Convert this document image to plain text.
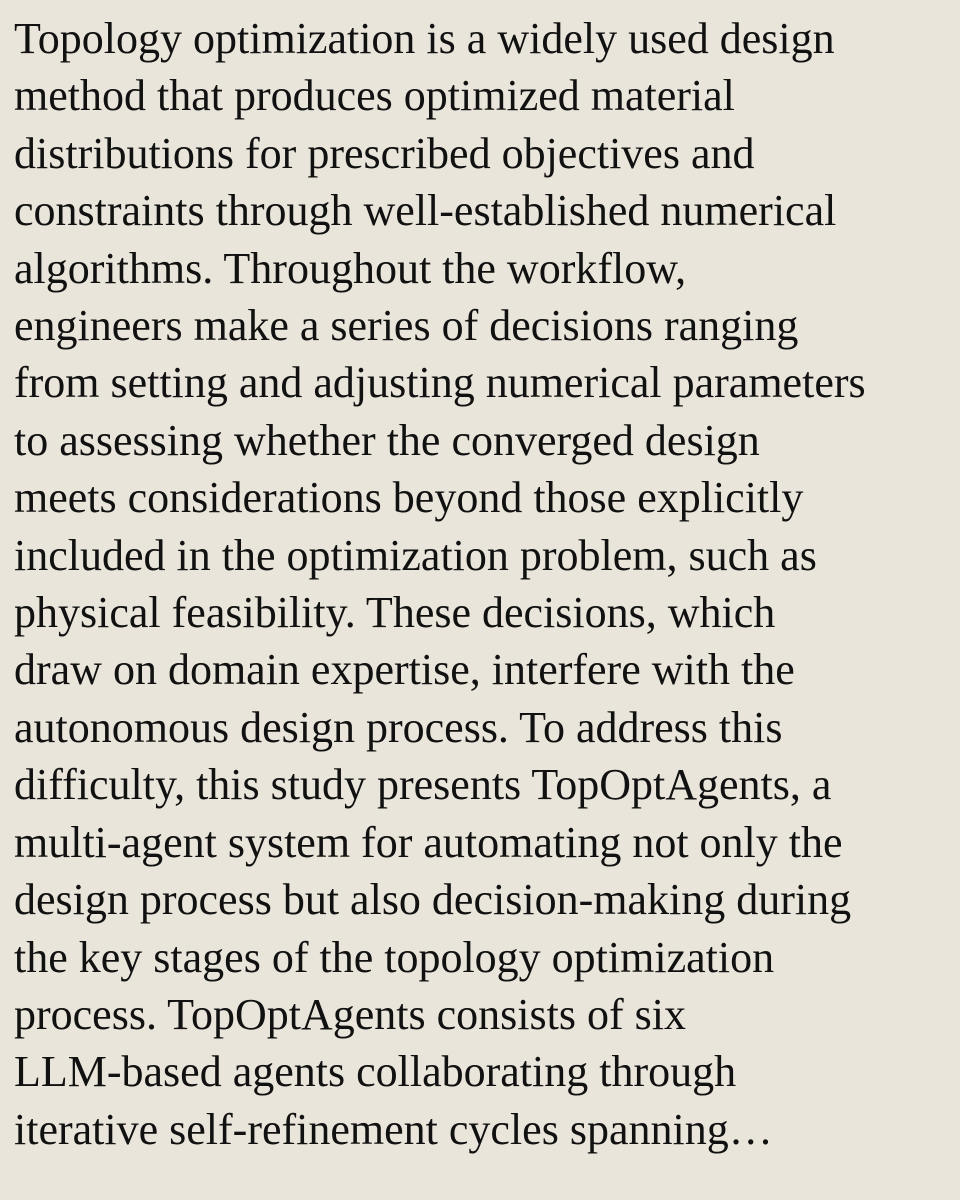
Topology optimization is a widely used design
method that produces optimized material
distributions for prescribed objectives and
constraints through well-established numerical
algorithms. Throughout the workflow,
engineers make a series of decisions ranging
from setting and adjusting numerical parameters
to assessing whether the converged design
meets considerations beyond those explicitly
included in the optimization problem, such as
physical feasibility. These decisions, which
draw on domain expertise, interfere with the
autonomous design process. To address this
difficulty, this study presents TopOptAgents, a
multi-agent system for automating not only the
design process but also decision-making during
the key stages of the topology optimization
process. TopOptAgents consists of six
LLM-based agents collaborating through
iterative self-refinement cycles spanning…
